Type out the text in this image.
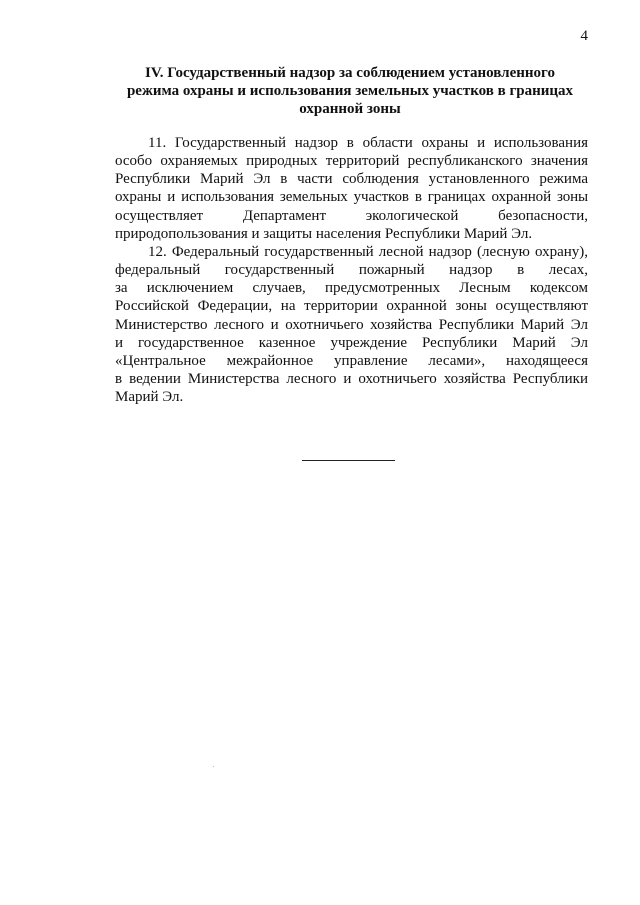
4
IV. Государственный надзор за соблюдением установленного
режима охраны и использования земельных участков в границах
охранной зоны

11. Государственный надзор в области охраны и использования
особо охраняемых природных территорий республиканского значения
Республики Марий Эл в части соблюдения установленного режима
охраны и использования земельных участков в границах охранной зоны
осуществляет Департамент экологической безопасности,
природопользования и защиты населения Республики Марий Эл.

12. Федеральный государственный лесной надзор (лесную охрану),
федеральный государственный пожарный надзор в лесах,
за исключением случаев, предусмотренных Лесным кодексом
Российской Федерации, на территории охранной зоны осуществляют
Министерство лесного и охотничьего хозяйства Республики Марий Эл
и государственное казенное учреждение Республики Марий Эл
«Центральное межрайонное управление лесами», находящееся
в ведении Министерства лесного и охотничьего хозяйства Республики
Марий Эл.
